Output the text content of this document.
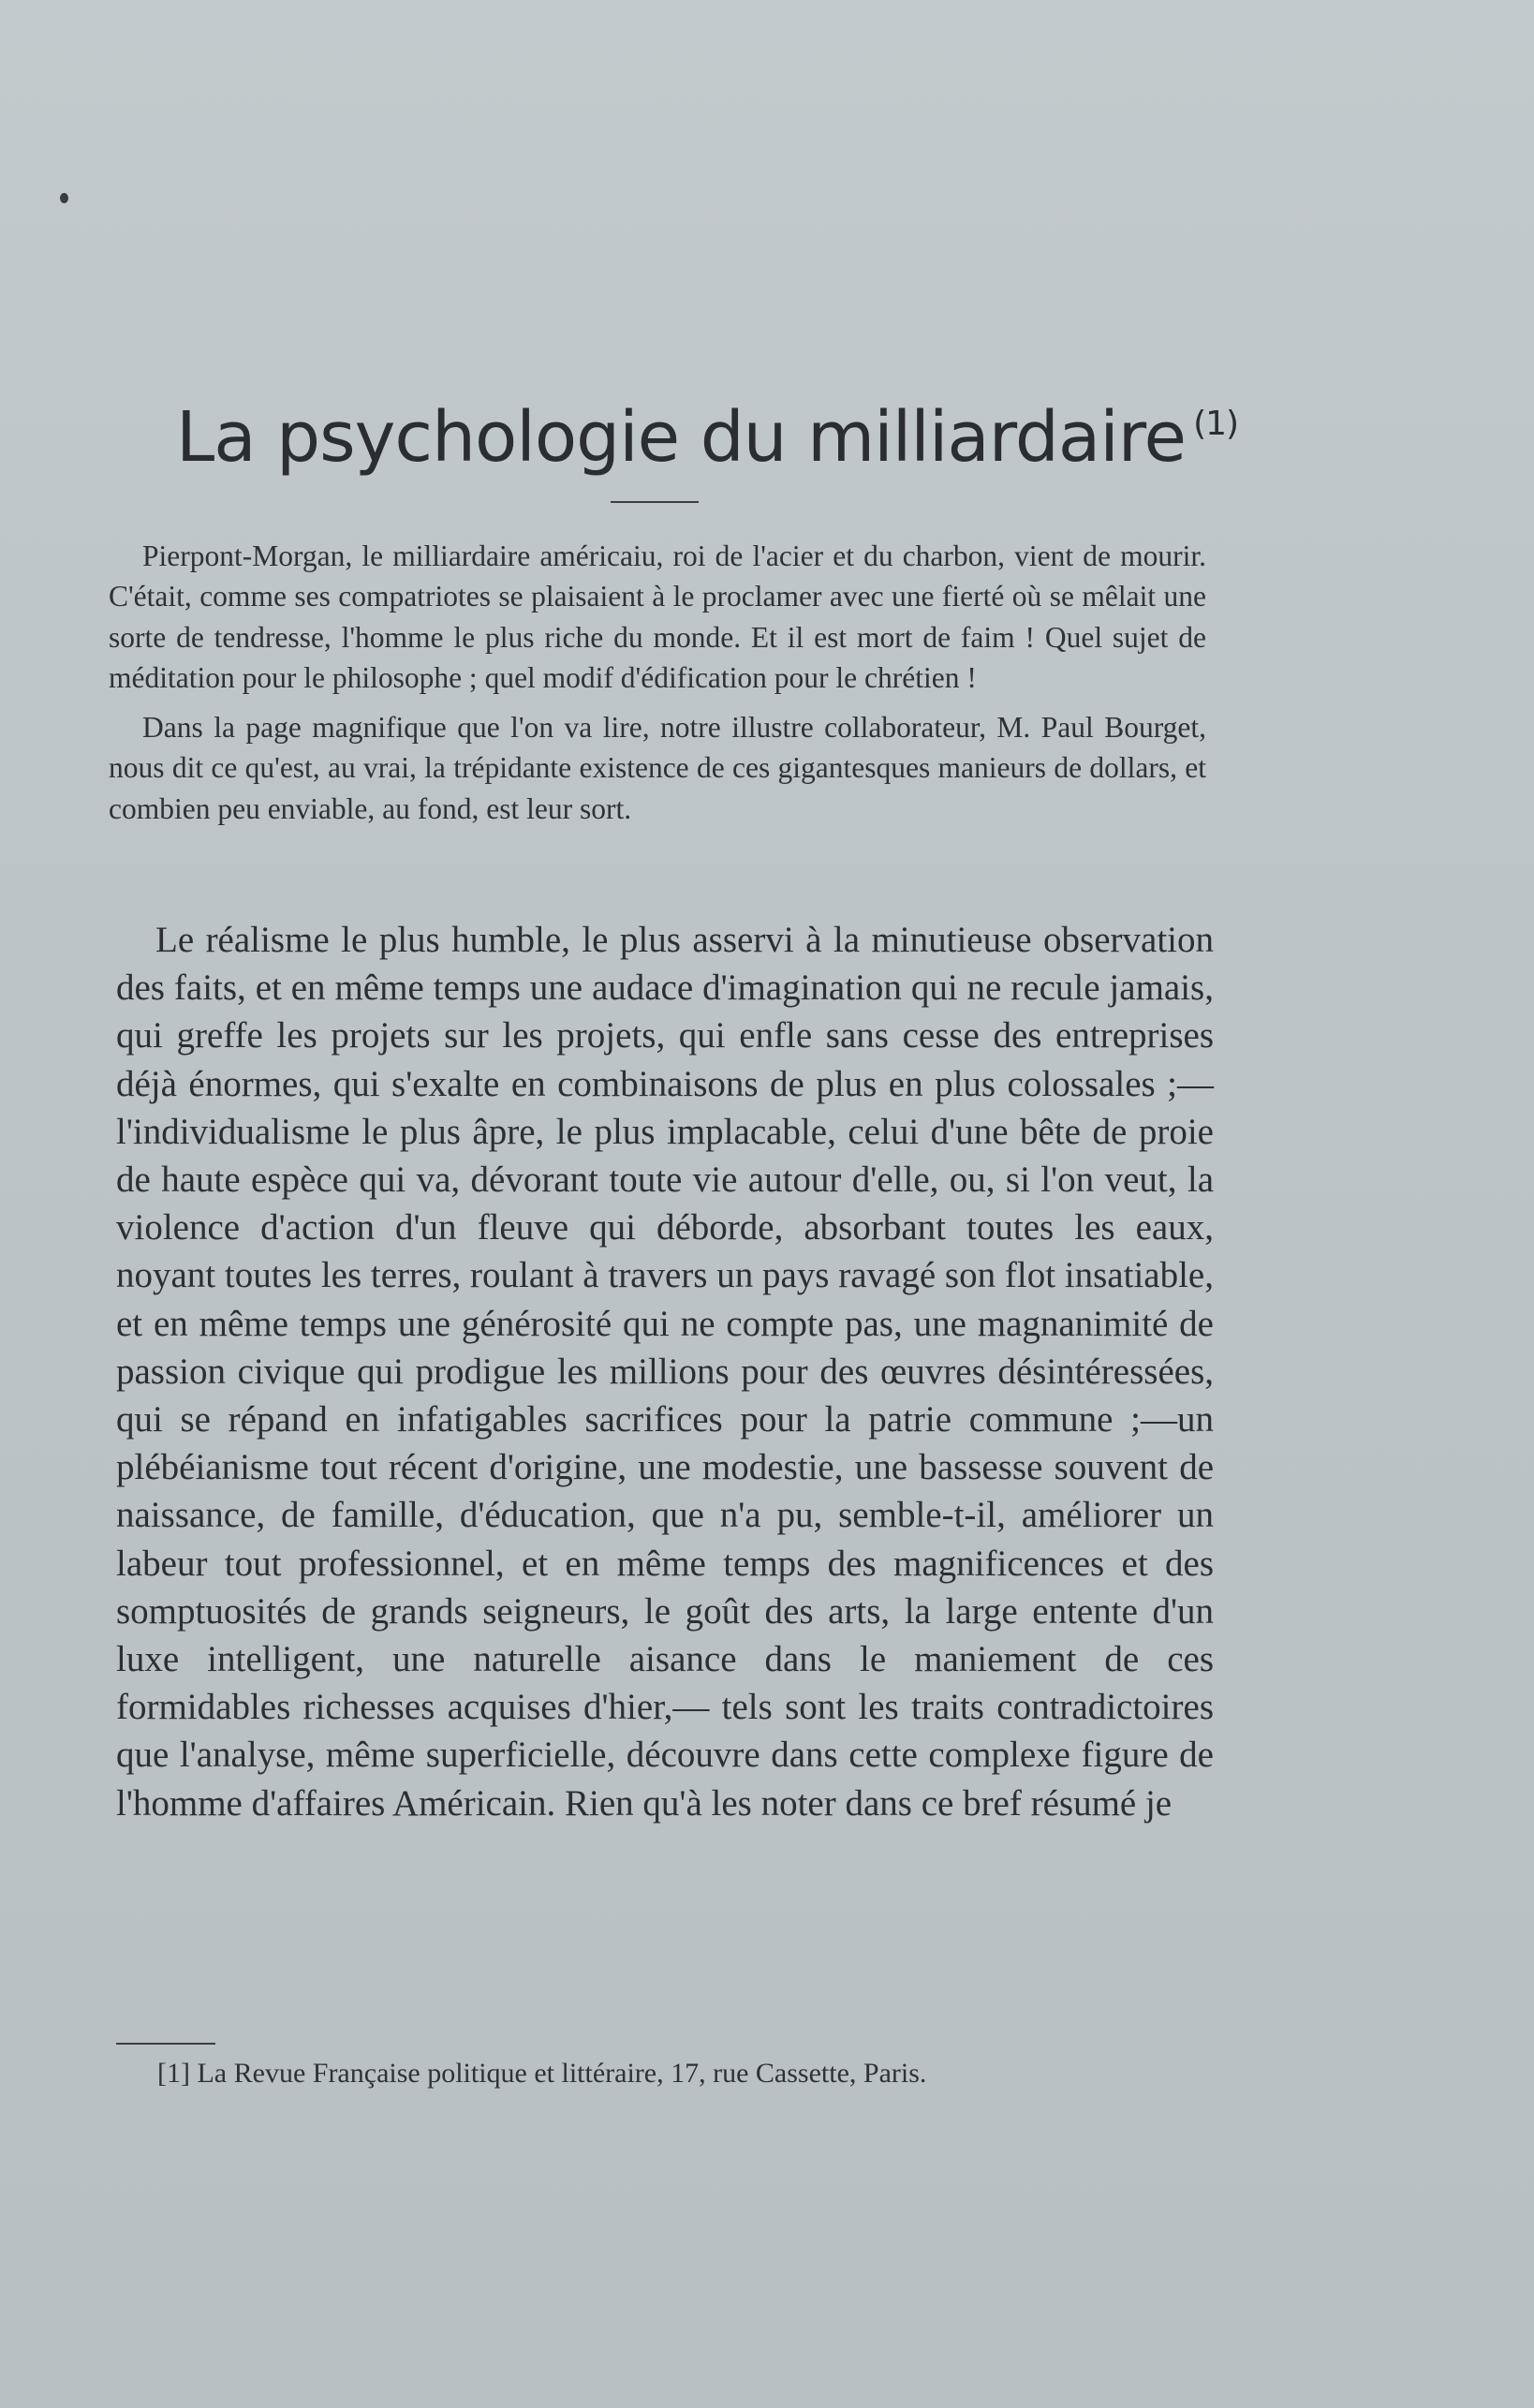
La psychologie du milliardaire $^{(1)}$

Pierpont-Morgan, le milliardaire américaiu, roi de l'acier et du charbon, vient de mourir. C'était, comme ses compatriotes se plaisaient à le proclamer avec une fierté où se mêlait une sorte de tendresse, l'homme le plus riche du monde. Et il est mort de faim ! Quel sujet de méditation pour le philosophe ; quel modif d'édification pour le chrétien !

Dans la page magnifique que l'on va lire, notre illustre collaborateur, M. Paul Bourget, nous dit ce qu'est, au vrai, la trépidante existence de ces gigantesques manieurs de dollars, et combien peu enviable, au fond, est leur sort.

Le réalisme le plus humble, le plus asservi à la minutieuse observation des faits, et en même temps une audace d'imagination qui ne recule jamais, qui greffe les projets sur les projets, qui enfle sans cesse des entreprises déjà énormes, qui s'exalte en combinaisons de plus en plus colossales ;— l'individualisme le plus âpre, le plus implacable, celui d'une bête de proie de haute espèce qui va, dévorant toute vie autour d'elle, ou, si l'on veut, la violence d'action d'un fleuve qui déborde, absorbant toutes les eaux, noyant toutes les terres, roulant à travers un pays ravagé son flot insatiable, et en même temps une générosité qui ne compte pas, une magnanimité de passion civique qui prodigue les millions pour des œuvres désintéressées, qui se répand en infatigables sacrifices pour la patrie commune ;—un plébéianisme tout récent d'origine, une modestie, une bassesse souvent de naissance, de famille, d'éducation, que n'a pu, semble-t-il, améliorer un labeur tout professionnel, et en même temps des magnificences et des somptuosités de grands seigneurs, le goût des arts, la large entente d'un luxe intelligent, une naturelle aisance dans le maniement de ces formidables richesses acquises d'hier,— tels sont les traits contradictoires que l'analyse, même superficielle, découvre dans cette complexe figure de l'homme d'affaires Américain. Rien qu'à les noter dans ce bref résumé je

[1] La Revue Française politique et littéraire, 17, rue Cassette, Paris.
